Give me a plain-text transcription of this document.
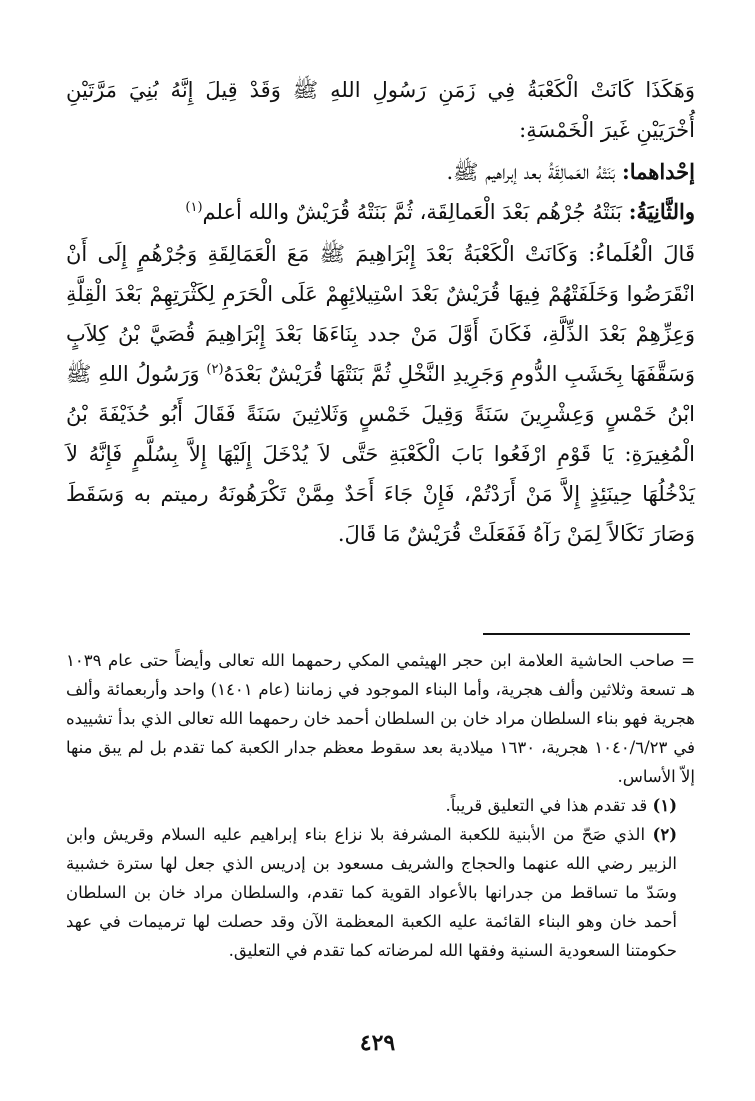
وَهَكَذَا كَانَتْ الْكَعْبَةُ فِي زَمَنِ رَسُولِ اللهِ ﷺ وَقَدْ قِيلَ إِنَّهُ بُنِيَ مَرَّتَيْنِ أُخْرَيَيْنِ غَيرَ الْخَمْسَةِ:

إحْداهما: بَنَتْهُ العَمالِقَةُ بعد إبراهيم ﷺ.

والثَّانِيَةُ: بَنَتْهُ جُرْهُم بَعْدَ الْعَمالِقَة، ثُمَّ بَنَتْهُ قُرَيْشٌ والله أعلم$^{(١)}$

قَالَ الْعُلَماءُ: وَكَانَتْ الْكَعْبَةُ بَعْدَ إِبْرَاهِيمَ ﷺ مَعَ الْعَمَالِقَةِ وَجُرْهُمٍ إِلَى أَنْ انْقَرَضُوا وَخَلَفَتْهُمْ فِيهَا قُرَيْشٌ بَعْدَ اسْتِيلائِهِمْ عَلَى الْحَرَمِ لِكَثْرَتِهِمْ بَعْدَ الْقِلَّةِ وَعِزِّهِمْ بَعْدَ الذِّلَّةِ، فَكَانَ أَوَّلَ مَنْ جدد بِنَاءَهَا بَعْدَ إِبْرَاهِيمَ قُصَيَّ بْنُ كِلاَبٍ وَسَقَّفَهَا بِخَشَبِ الدُّومِ وَجَرِيدِ النَّخْلِ ثُمَّ بَنَتْهَا قُرَيْشٌ بَعْدَهُ$^{(٢)}$ وَرَسُولُ اللهِ ﷺ ابْنُ خَمْسٍ وَعِشْرِينَ سَنَةً وَقِيلَ خَمْسٍ وَثَلاثِينَ سَنَةً فَقَالَ أَبُو حُذَيْفَةَ بْنُ الْمُغِيرَةِ: يَا قَوْمِ ارْفَعُوا بَابَ الْكَعْبَةِ حَتَّى لاَ يُدْخَلَ إِلَيْهَا إِلاَّ بِسُلَّمٍ فَإِنَّهُ لاَ يَدْخُلُهَا حِينَئِذٍ إِلاَّ مَنْ أَرَدْتُمْ، فَإِنْ جَاءَ أَحَدٌ مِمَّنْ تَكْرَهُونَهُ رميتم به وَسَقَطَ وَصَارَ نَكَالاً لِمَنْ رَآهُ فَفَعَلَتْ قُرَيْشٌ مَا قَالَ.

= صاحب الحاشية العلامة ابن حجر الهيثمي المكي رحمهما الله تعالى وأيضاً حتى عام ١٠٣٩ هـ تسعة وثلاثين وألف هجرية، وأما البناء الموجود في زماننا (عام ١٤٠١) واحد وأربعمائة وألف هجرية فهو بناء السلطان مراد خان بن السلطان أحمد خان رحمهما الله تعالى الذي بدأ تشييده في ١٠٤٠/٦/٢٣ هجرية، ١٦٣٠ ميلادية بعد سقوط معظم جدار الكعبة كما تقدم بل لم يبق منها إلاّ الأساس.

(١) قد تقدم هذا في التعليق قريباً.

(٢) الذي صَحّ من الأبنية للكعبة المشرفة بلا نزاع بناء إبراهيم عليه السلام وقريش وابن الزبير رضي الله عنهما والحجاج والشريف مسعود بن إدريس الذي جعل لها سترة خشبية وسَدّ ما تساقط من جدرانها بالأعواد القوية كما تقدم، والسلطان مراد خان بن السلطان أحمد خان وهو البناء القائمة عليه الكعبة المعظمة الآن وقد حصلت لها ترميمات في عهد حكومتنا السعودية السنية وفقها الله لمرضاته كما تقدم في التعليق.

٤٢٩
